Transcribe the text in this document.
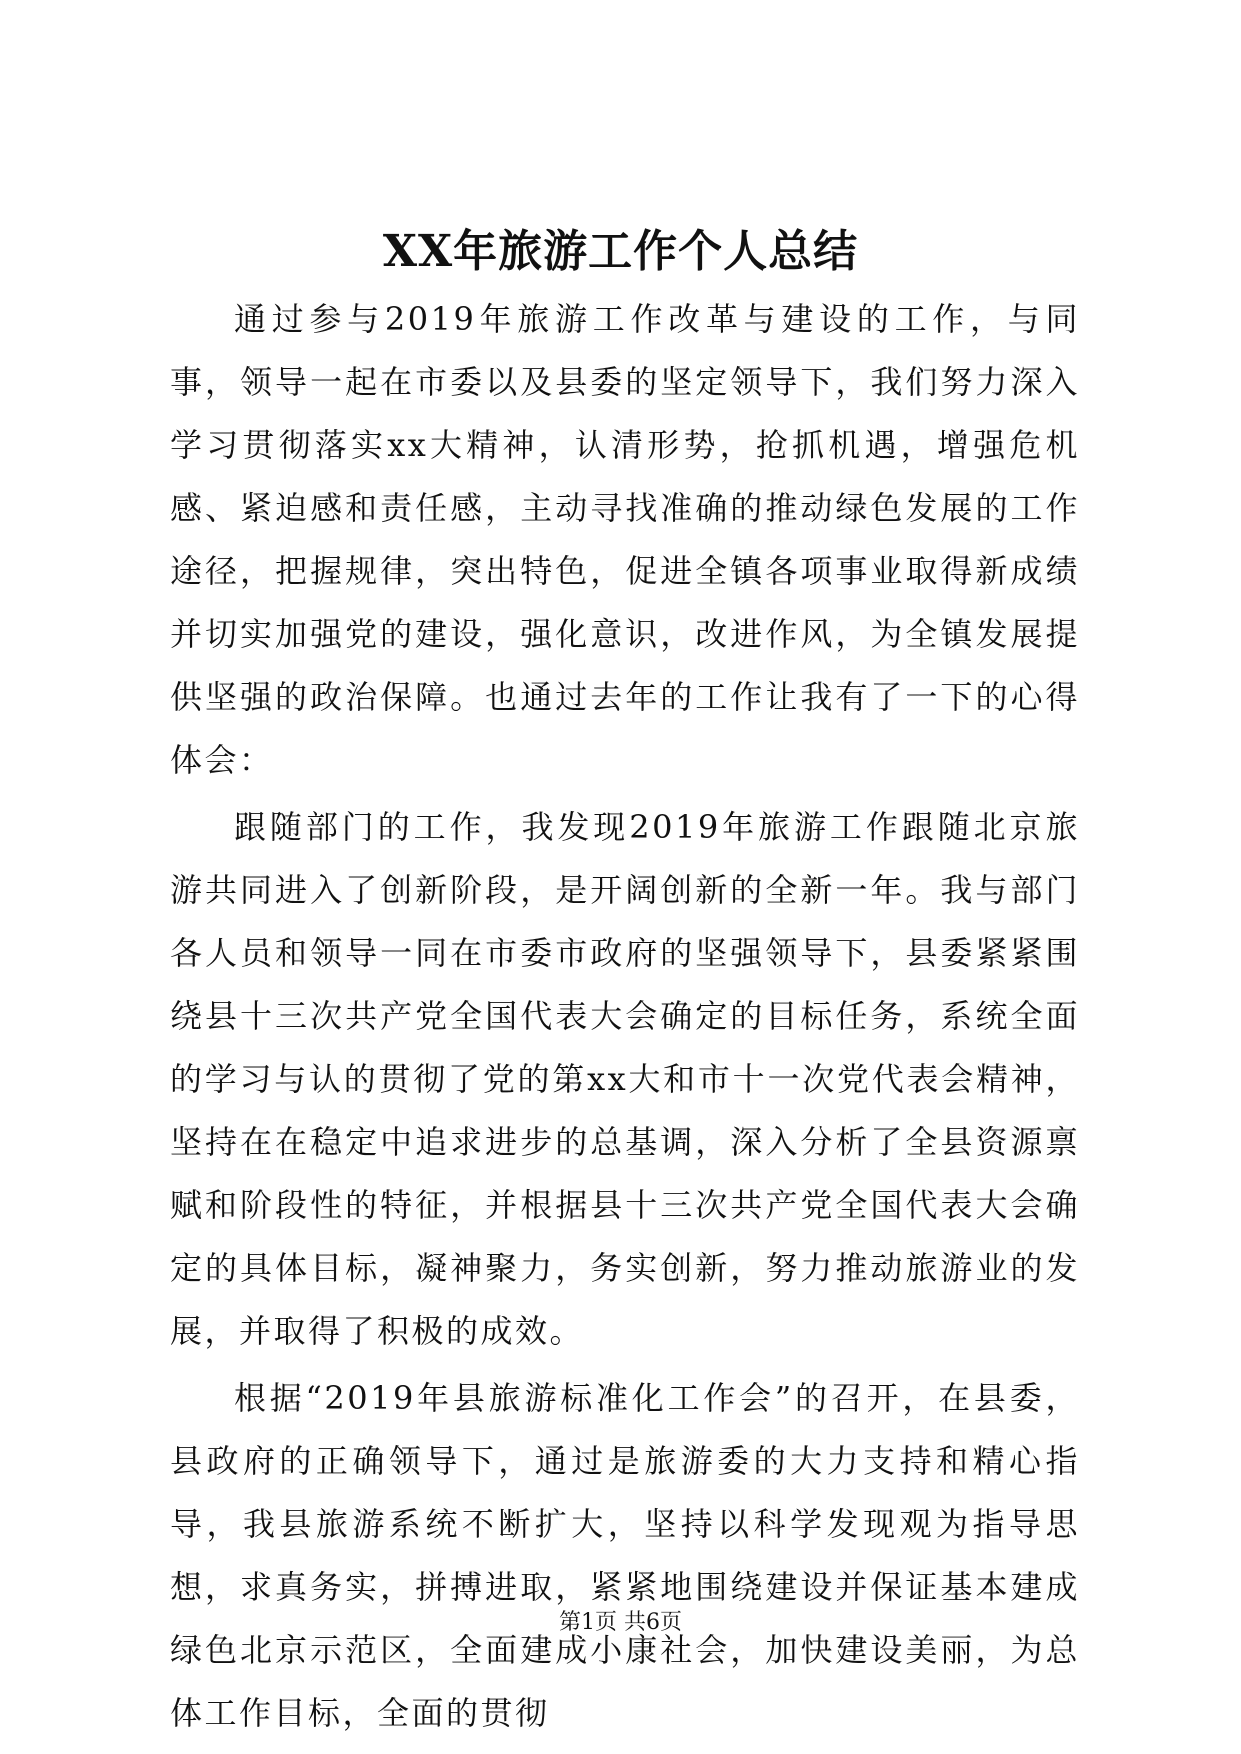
XX年旅游工作个人总结

通过参与2019年旅游工作改革与建设的工作，与同事，领导一起在市委以及县委的坚定领导下，我们努力深入学习贯彻落实xx大精神，认清形势，抢抓机遇，增强危机感、紧迫感和责任感，主动寻找准确的推动绿色发展的工作途径，把握规律，突出特色，促进全镇各项事业取得新成绩并切实加强党的建设，强化意识，改进作风，为全镇发展提供坚强的政治保障。也通过去年的工作让我有了一下的心得体会：

跟随部门的工作，我发现2019年旅游工作跟随北京旅游共同进入了创新阶段，是开阔创新的全新一年。我与部门各人员和领导一同在市委市政府的坚强领导下，县委紧紧围绕县十三次共产党全国代表大会确定的目标任务，系统全面的学习与认的贯彻了党的第xx大和市十一次党代表会精神，坚持在在稳定中追求进步的总基调，深入分析了全县资源禀赋和阶段性的特征，并根据县十三次共产党全国代表大会确定的具体目标，凝神聚力，务实创新，努力推动旅游业的发展，并取得了积极的成效。

根据“2019年县旅游标准化工作会”的召开，在县委，县政府的正确领导下，通过是旅游委的大力支持和精心指导，我县旅游系统不断扩大，坚持以科学发现观为指导思想，求真务实，拼搏进取，紧紧地围绕建设并保证基本建成绿色北京示范区，全面建成小康社会，加快建设美丽，为总体工作目标，全面的贯彻

第1页 共6页
